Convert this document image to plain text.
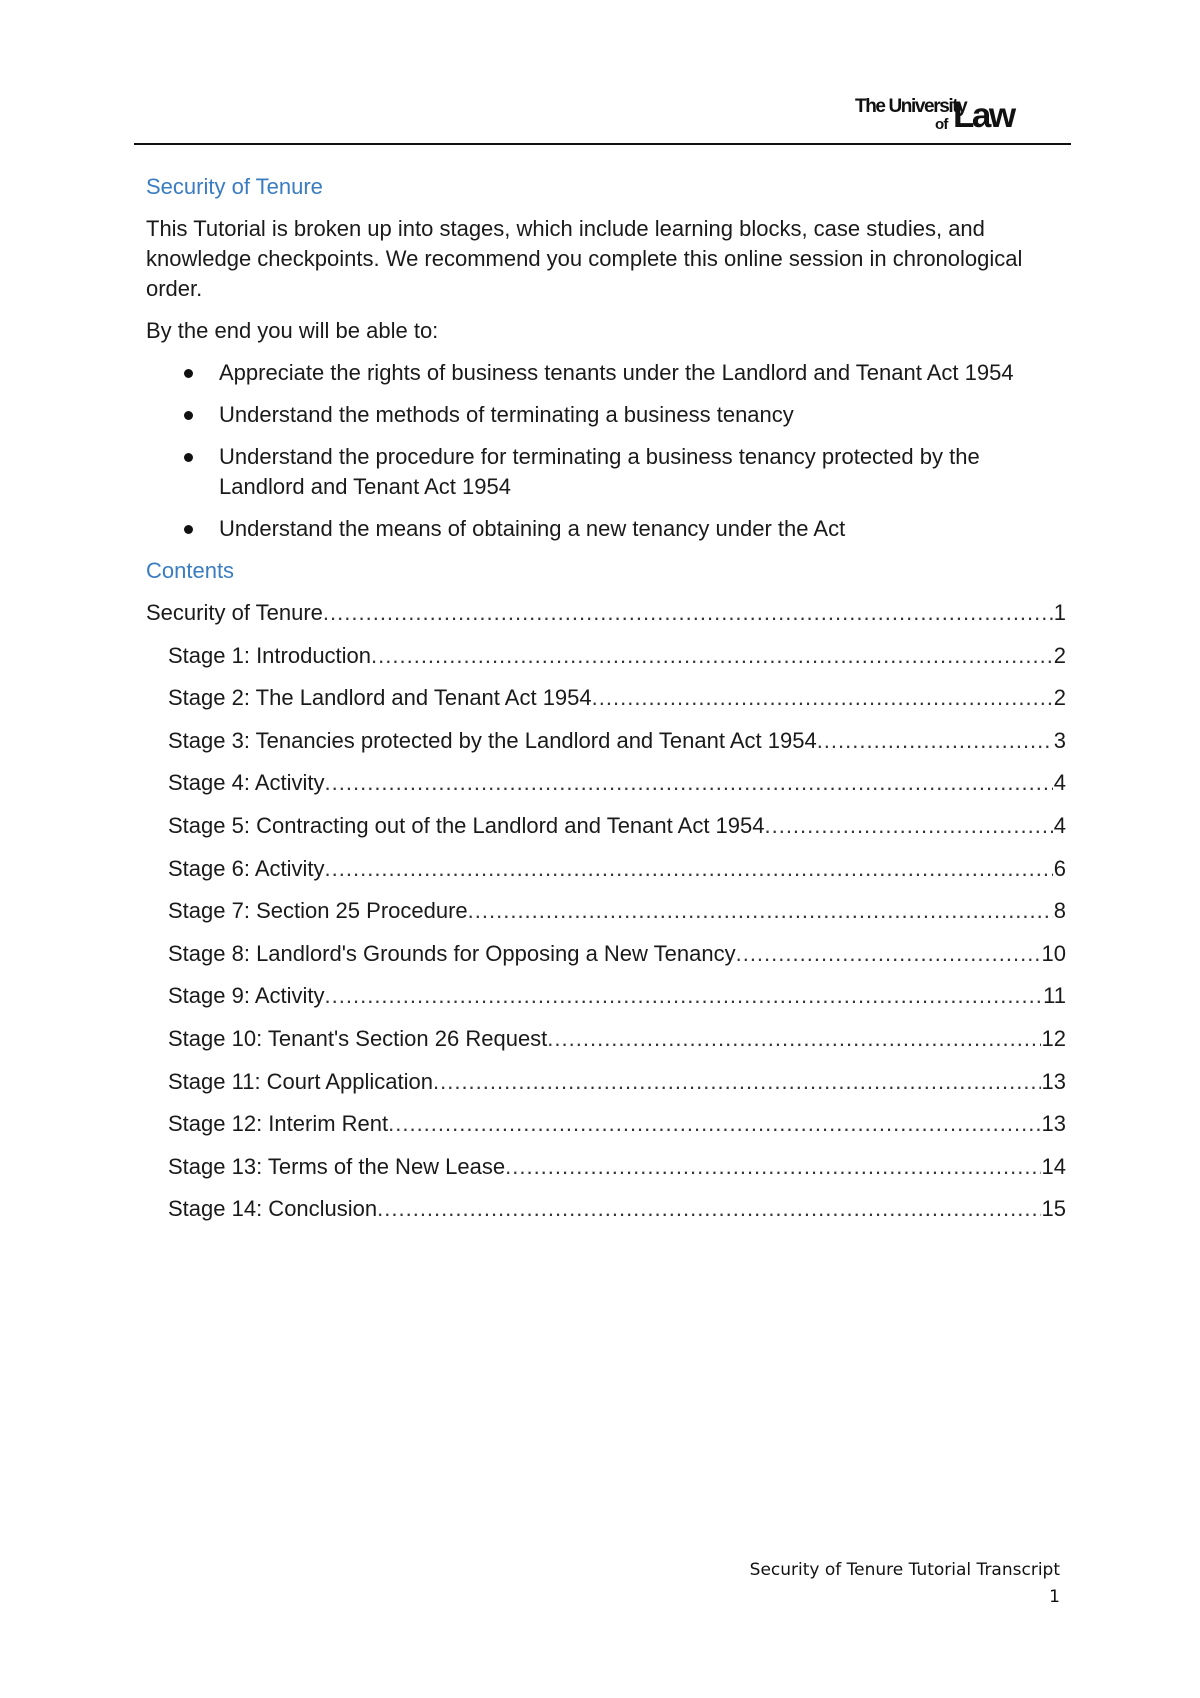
The University
of Law
Security of Tenure

This Tutorial is broken up into stages, which include learning blocks, case studies, and knowledge checkpoints. We recommend you complete this online session in chronological order.

By the end you will be able to:

Appreciate the rights of business tenants under the Landlord and Tenant Act 1954
Understand the methods of terminating a business tenancy
Understand the procedure for terminating a business tenancy protected by the Landlord and Tenant Act 1954
Understand the means of obtaining a new tenancy under the Act
Contents
Security of Tenure .....	1
Stage 1: Introduction .....	2
Stage 2: The Landlord and Tenant Act 1954 .....	2
Stage 3: Tenancies protected by the Landlord and Tenant Act 1954 .....	3
Stage 4: Activity .....	4
Stage 5: Contracting out of the Landlord and Tenant Act 1954 .....	4
Stage 6: Activity .....	6
Stage 7: Section 25 Procedure .....	8
Stage 8: Landlord's Grounds for Opposing a New Tenancy .....	10
Stage 9: Activity .....	11
Stage 10: Tenant's Section 26 Request .....	12
Stage 11: Court Application .....	13
Stage 12: Interim Rent .....	13
Stage 13: Terms of the New Lease .....	14
Stage 14: Conclusion .....	15
Security of Tenure Tutorial Transcript
1
